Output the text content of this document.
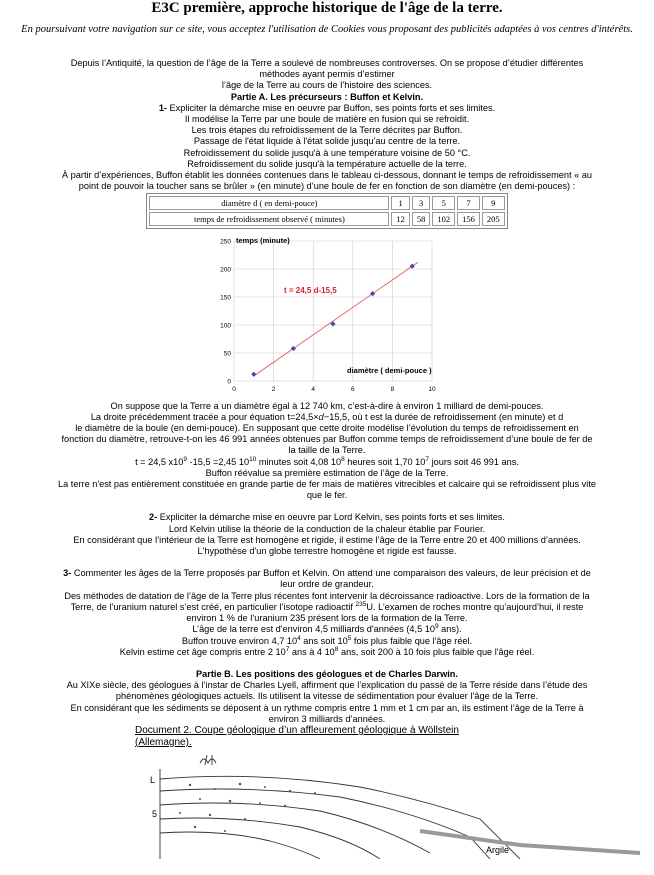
E3C première, approche historique de l'âge de la terre.
En poursuivant votre navigation sur ce site, vous acceptez l'utilisation de Cookies vous proposant des publicités adaptées à vos centres d'intérêts.

Depuis l’Antiquité, la question de l’âge de la Terre a soulevé de nombreuses controverses. On se propose d’étudier différentes

méthodes ayant permis d’estimer

l’âge de la Terre au cours de l’histoire des sciences.

Partie A. Les précurseurs : Buffon et Kelvin.

1- Expliciter la démarche mise en oeuvre par Buffon, ses points forts et ses limites.

Il modélise la Terre par une boule de matière en fusion qui se refroidit.

Les trois étapes du refroidissement de la Terre décrites par Buffon.

Passage de l'état liquide à l'état solide jusqu'au centre de la terre.

Refroidissement du solide jusqu'à à une température voisine de 50 °C.

Refroidissement du solide jusqu'à la température actuelle de la terre.

À partir d’expériences, Buffon établit les données contenues dans le tableau ci-dessous, donnant le temps de refroidissement « au

point de pouvoir la toucher sans se brûler » (en minute) d’une boule de fer en fonction de son diamètre (en demi-pouces) :

diamètre d ( en demi-pouce)	1	3	5	7	9
temps de refroidissement observé ( minutes)	12	58	102	156	205
0	2	4	6	8	10
0
50
100
150
200
250 temps (minute)
diamètre ( demi-pouce )
t = 24,5 d-15,5

On suppose que la Terre a un diamètre égal à 12 740 km, c’est-à-dire à environ 1 milliard de demi-pouces.

La droite précédemment tracée a pour équation t=24,5×𝑑−15,5, où t est la durée de refroidissement (en minute) et d

le diamètre de la boule (en demi-pouce). En supposant que cette droite modélise l’évolution du temps de refroidissement en

fonction du diamètre, retrouve-t-on les 46 991 années obtenues par Buffon comme temps de refroidissement d’une boule de fer de

la taille de la Terre.

t = 24,5 $x10^9$ -15,5 =2,45 $10^{10}$ minutes soit 4,08 $10^8$ heures soit 1,70 $10^7$ jours soit 46 991 ans.

Buffon réévalue sa première estimation de l’âge de la Terre.

La terre n'est pas entièrement constituée en grande partie de fer mais de matières vitrecibles et calcaire qui se refroidissent plus vite

que le fer.

2- Expliciter la démarche mise en oeuvre par Lord Kelvin, ses points forts et ses limites.

Lord Kelvin utilise la théorie de la conduction de la chaleur établie par Fourier.

En considérant que l’intérieur de la Terre est homogène et rigide, il estime l’âge de la Terre entre 20 et 400 millions d’années.

L'hypothèse d'un globe terrestre homogène et rigide est fausse.

3- Commenter les âges de la Terre proposés par Buffon et Kelvin. On attend une comparaison des valeurs, de leur précision et de

leur ordre de grandeur.

Des méthodes de datation de l’âge de la Terre plus récentes font intervenir la décroissance radioactive. Lors de la formation de la

Terre, de l’uranium naturel s’est créé, en particulier l’isotope radioactif $^{235}$U. L’examen de roches montre qu’aujourd’hui, il reste

environ 1 % de l’uranium 235 présent lors de la formation de la Terre.

L’âge de la terre est d'environ 4,5 milliards d'années (4,5 $10^9$ ans).

Buffon trouve environ 4,7 $10^4$ ans soit $10^5$ fois plus faible que l'âge réel.

Kelvin estime cet âge compris entre 2 $10^7$ ans à 4 $10^8$ ans, soit 200 à 10 fois plus faible que l'âge réel.

Partie B. Les positions des géologues et de Charles Darwin.

Au XIXe siècle, des géologues à l’instar de Charles Lyell, affirment que l’explication du passé de la Terre réside dans l’étude des

phénomènes géologiques actuels. Ils utilisent la vitesse de sédimentation pour évaluer l’âge de la Terre.

En considérant que les sédiments se déposent à un rythme compris entre 1 mm et 1 cm par an, ils estiment l’âge de la Terre à

environ 3 milliards d’années.

Document 2. Coupe géologique d’un affleurement géologique à Wöllstein
(Allemagne).
L
5
Argile
